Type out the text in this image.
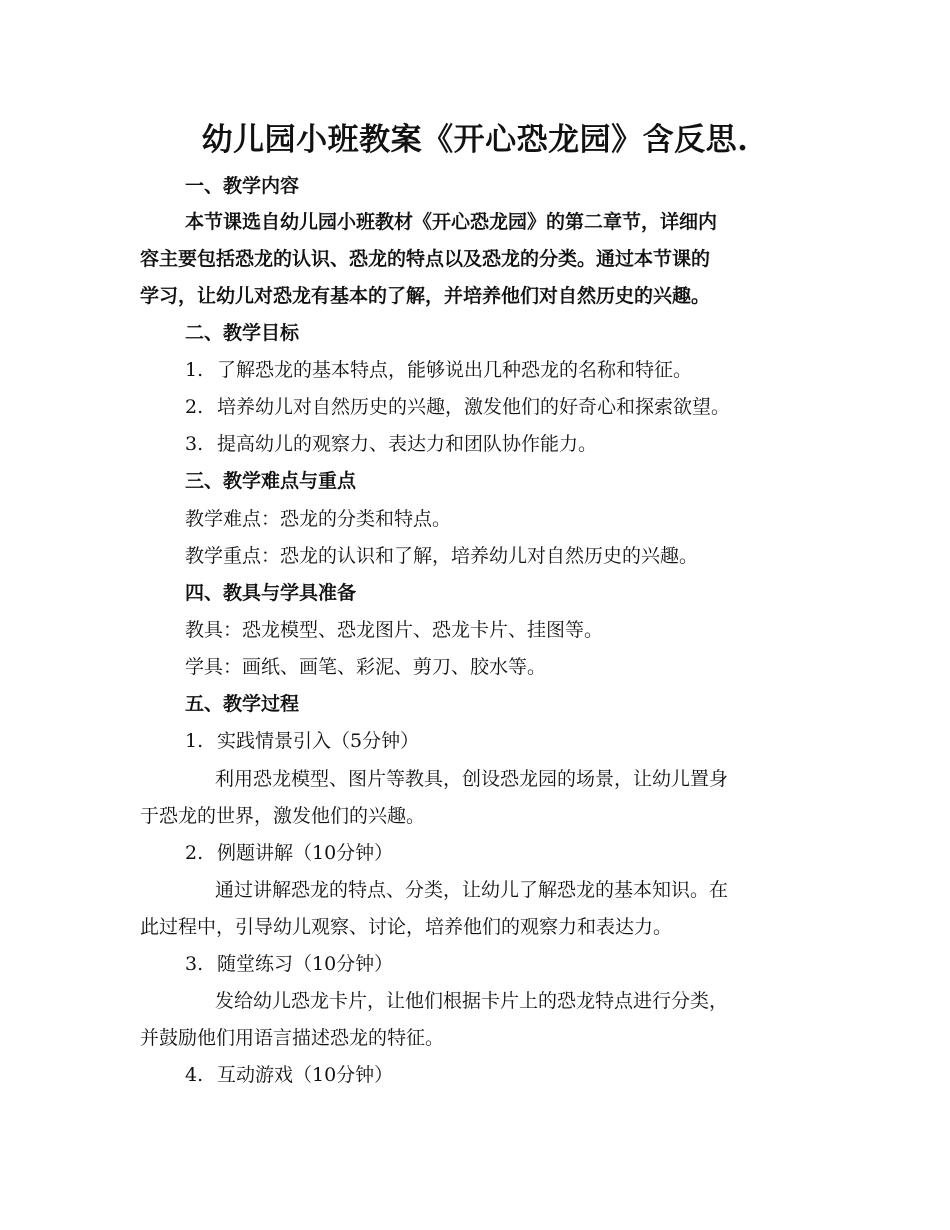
幼儿园小班教案《开心恐龙园》含反思.
一、教学内容
本节课选自幼儿园小班教材《开心恐龙园》的第二章节，详细内
容主要包括恐龙的认识、恐龙的特点以及恐龙的分类。通过本节课的
学习，让幼儿对恐龙有基本的了解，并培养他们对自然历史的兴趣。
二、教学目标
1. 了解恐龙的基本特点，能够说出几种恐龙的名称和特征。
2. 培养幼儿对自然历史的兴趣，激发他们的好奇心和探索欲望。
3. 提高幼儿的观察力、表达力和团队协作能力。
三、教学难点与重点
教学难点：恐龙的分类和特点。
教学重点：恐龙的认识和了解，培养幼儿对自然历史的兴趣。
四、教具与学具准备
教具：恐龙模型、恐龙图片、恐龙卡片、挂图等。
学具：画纸、画笔、彩泥、剪刀、胶水等。
五、教学过程
1. 实践情景引入（5分钟）
利用恐龙模型、图片等教具，创设恐龙园的场景，让幼儿置身
于恐龙的世界，激发他们的兴趣。
2. 例题讲解（10分钟）
通过讲解恐龙的特点、分类，让幼儿了解恐龙的基本知识。在
此过程中，引导幼儿观察、讨论，培养他们的观察力和表达力。
3. 随堂练习（10分钟）
发给幼儿恐龙卡片，让他们根据卡片上的恐龙特点进行分类，
并鼓励他们用语言描述恐龙的特征。
4. 互动游戏（10分钟）
